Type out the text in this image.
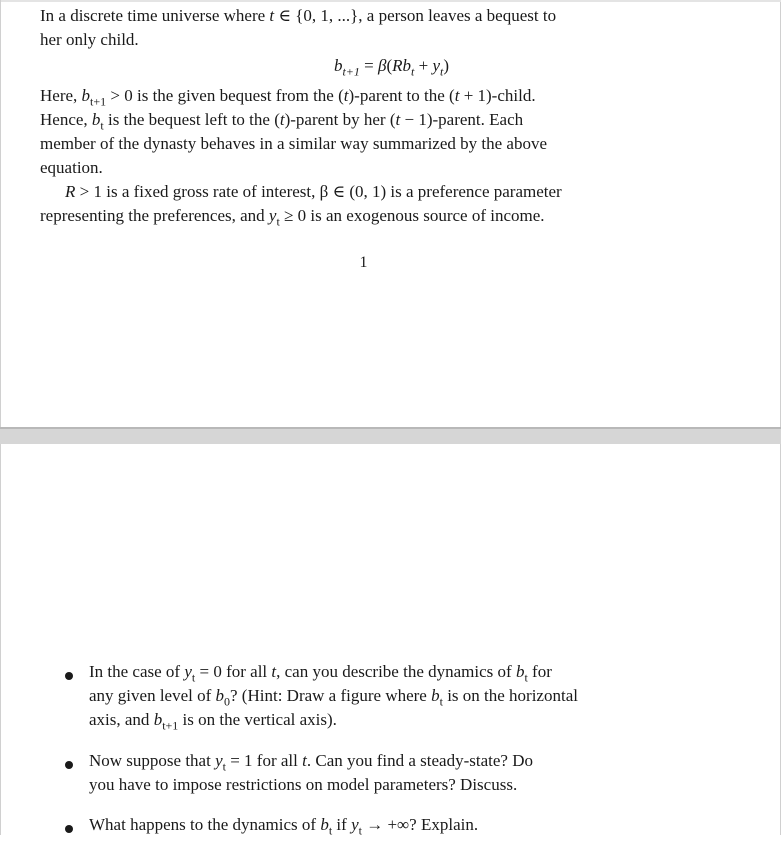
In a discrete time universe where t ∈ {0, 1, ...}, a person leaves a bequest to
her only child.
$b_{t+1} = \beta(Rb_t + y_t)$
Here, $b_{t+1} > 0$ is the given bequest from the (t)-parent to the (t + 1)-child.
Hence, $b_t$ is the bequest left to the (t)-parent by her (t − 1)-parent. Each
member of the dynasty behaves in a similar way summarized by the above
equation.
R > 1 is a fixed gross rate of interest, β ∈ (0, 1) is a preference parameter
representing the preferences, and $y_t \ge 0$ is an exogenous source of income.
1
In the case of $y_t = 0$ for all t, can you describe the dynamics of $b_t$ for
any given level of $b_0$? (Hint: Draw a figure where $b_t$ is on the horizontal
axis, and $b_{t+1}$ is on the vertical axis).
Now suppose that $y_t = 1$ for all t. Can you find a steady-state? Do
you have to impose restrictions on model parameters? Discuss.
What happens to the dynamics of $b_t$ if $y_t$ → +∞? Explain.
